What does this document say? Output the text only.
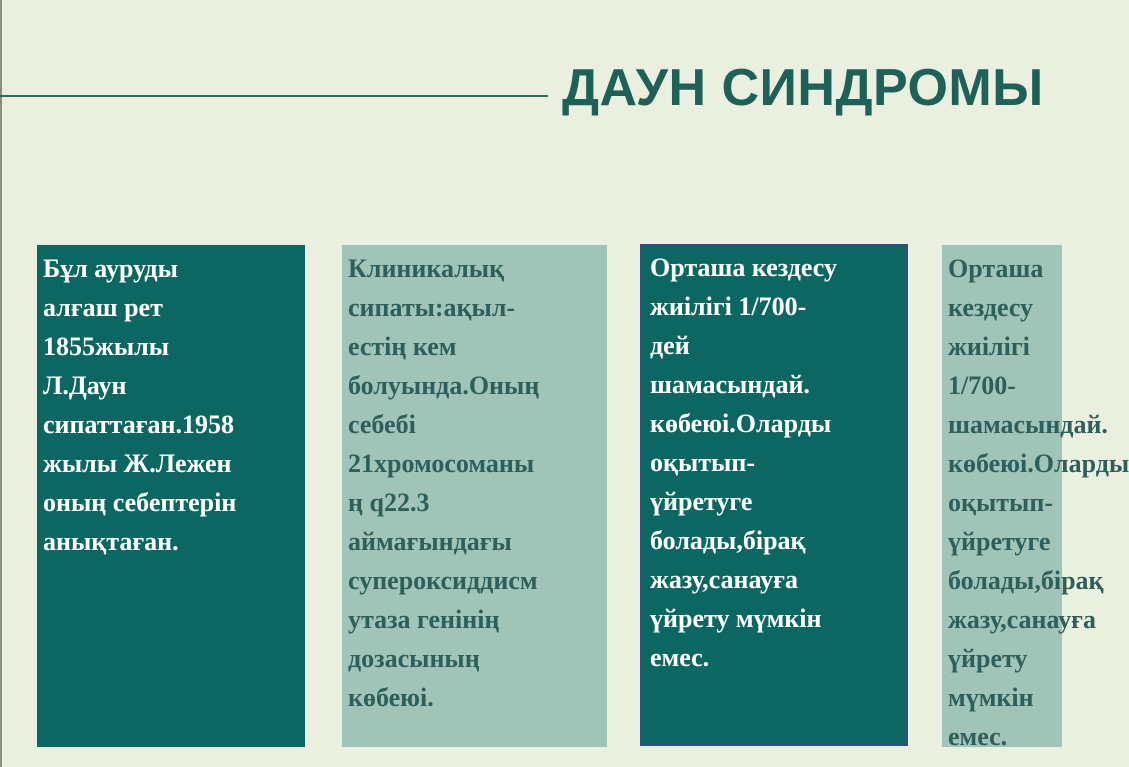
ДАУН СИНДРОМЫ

Бұл ауруды
алғаш рет
1855жылы
Л.Даун
сипаттаған.1958
жылы Ж.Лежен
оның себептерін
анықтаған.

Клиникалық
сипаты:ақыл-
естің кем
болуында.Оның
себебі
21хромосоманы
ң q22.3
аймағындағы
супероксиддисм
утаза генінің
дозасының
көбеюі.

Орташа кездесу
жиілігі 1/700-
дей
шамасындай.
көбеюі.Оларды
оқытып-
үйретуге
болады,бірақ
жазу,санауға
үйрету мүмкін
емес.

Орташа кездесу
жиілігі 1/700-
шамасындай.
көбеюі.Оларды
оқытып-
үйретуге
болады,бірақ
жазу,санауға
үйрету мүмкін
емес.
